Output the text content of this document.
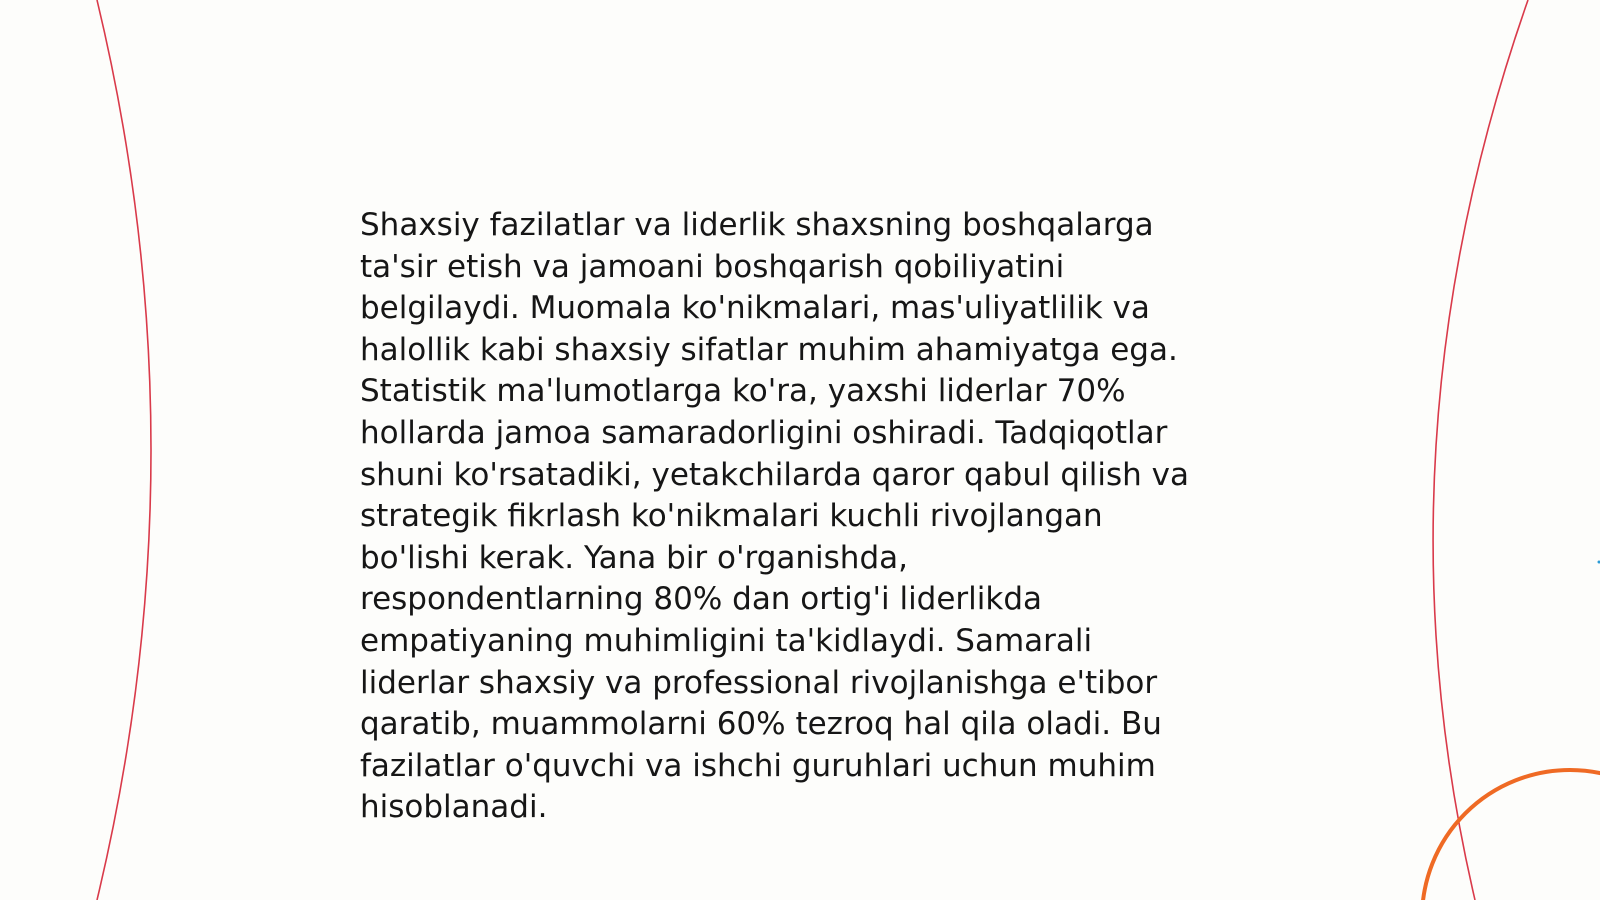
Shaxsiy fazilatlar va liderlik shaxsning boshqalarga
ta'sir etish va jamoani boshqarish qobiliyatini
belgilaydi. Muomala ko'nikmalari, mas'uliyatlilik va
halollik kabi shaxsiy sifatlar muhim ahamiyatga ega.
Statistik ma'lumotlarga ko'ra, yaxshi liderlar 70%
hollarda jamoa samaradorligini oshiradi. Tadqiqotlar
shuni ko'rsatadiki, yetakchilarda qaror qabul qilish va
strategik fikrlash ko'nikmalari kuchli rivojlangan
bo'lishi kerak. Yana bir o'rganishda,
respondentlarning 80% dan ortig'i liderlikda
empatiyaning muhimligini ta'kidlaydi. Samarali
liderlar shaxsiy va professional rivojlanishga e'tibor
qaratib, muammolarni 60% tezroq hal qila oladi. Bu
fazilatlar o'quvchi va ishchi guruhlari uchun muhim
hisoblanadi.
